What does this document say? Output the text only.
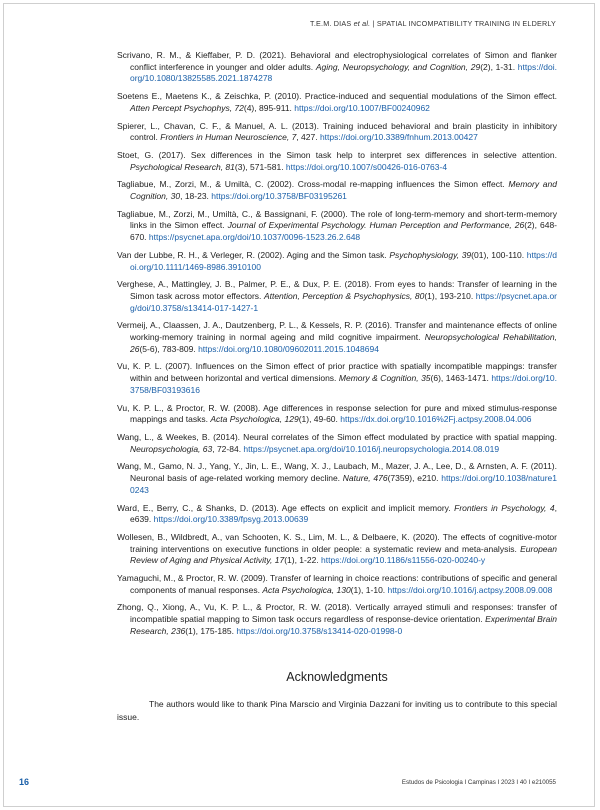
T.E.M. DIAS et al. | SPATIAL INCOMPATIBILITY TRAINING IN ELDERLY

Scrivano, R. M., & Kieffaber, P. D. (2021). Behavioral and electrophysiological correlates of Simon and flanker conflict interference in younger and older adults. Aging, Neuropsychology, and Cognition, 29(2), 1-31. https://doi.org/10.1080/13825585.2021.1874278

Soetens E., Maetens K., & Zeischka, P. (2010). Practice-induced and sequential modulations of the Simon effect. Atten Percept Psychophys, 72(4), 895-911. https://doi.org/10.1007/BF00240962

Spierer, L., Chavan, C. F., & Manuel, A. L. (2013). Training induced behavioral and brain plasticity in inhibitory control. Frontiers in Human Neuroscience, 7, 427. https://doi.org/10.3389/fnhum.2013.00427

Stoet, G. (2017). Sex differences in the Simon task help to interpret sex differences in selective attention. Psychological Research, 81(3), 571-581. https://doi.org/10.1007/s00426-016-0763-4

Tagliabue, M., Zorzi, M., & Umiltà, C. (2002). Cross-modal re-mapping influences the Simon effect. Memory and Cognition, 30, 18-23. https://doi.org/10.3758/BF03195261

Tagliabue, M., Zorzi, M., Umiltà, C., & Bassignani, F. (2000). The role of long-term-memory and short-term-memory links in the Simon effect. Journal of Experimental Psychology. Human Perception and Performance, 26(2), 648-670. https://psycnet.apa.org/doi/10.1037/0096-1523.26.2.648

Van der Lubbe, R. H., & Verleger, R. (2002). Aging and the Simon task. Psychophysiology, 39(01), 100-110. https://doi.org/10.1111/1469-8986.3910100

Verghese, A., Mattingley, J. B., Palmer, P. E., & Dux, P. E. (2018). From eyes to hands: Transfer of learning in the Simon task across motor effectors. Attention, Perception & Psychophysics, 80(1), 193-210. https://psycnet.apa.org/doi/10.3758/s13414-017-1427-1

Vermeij, A., Claassen, J. A., Dautzenberg, P. L., & Kessels, R. P. (2016). Transfer and maintenance effects of online working-memory training in normal ageing and mild cognitive impairment. Neuropsychological Rehabilitation, 26(5-6), 783-809. https://doi.org/10.1080/09602011.2015.1048694

Vu, K. P. L. (2007). Influences on the Simon effect of prior practice with spatially incompatible mappings: transfer within and between horizontal and vertical dimensions. Memory & Cognition, 35(6), 1463-1471. https://doi.org/10.3758/BF03193616

Vu, K. P. L., & Proctor, R. W. (2008). Age differences in response selection for pure and mixed stimulus-response mappings and tasks. Acta Psychologica, 129(1), 49-60. https://dx.doi.org/10.1016%2Fj.actpsy.2008.04.006

Wang, L., & Weekes, B. (2014). Neural correlates of the Simon effect modulated by practice with spatial mapping. Neuropsychologia, 63, 72-84. https://psycnet.apa.org/doi/10.1016/j.neuropsychologia.2014.08.019

Wang, M., Gamo, N. J., Yang, Y., Jin, L. E., Wang, X. J., Laubach, M., Mazer, J. A., Lee, D., & Arnsten, A. F. (2011). Neuronal basis of age-related working memory decline. Nature, 476(7359), e210. https://doi.org/10.1038/nature10243

Ward, E., Berry, C., & Shanks, D. (2013). Age effects on explicit and implicit memory. Frontiers in Psychology, 4, e639. https://doi.org/10.3389/fpsyg.2013.00639

Wollesen, B., Wildbredt, A., van Schooten, K. S., Lim, M. L., & Delbaere, K. (2020). The effects of cognitive-motor training interventions on executive functions in older people: a systematic review and meta-analysis. European Review of Aging and Physical Activity, 17(1), 1-22. https://doi.org/10.1186/s11556-020-00240-y

Yamaguchi, M., & Proctor, R. W. (2009). Transfer of learning in choice reactions: contributions of specific and general components of manual responses. Acta Psychologica, 130(1), 1-10. https://doi.org/10.1016/j.actpsy.2008.09.008

Zhong, Q., Xiong, A., Vu, K. P. L., & Proctor, R. W. (2018). Vertically arrayed stimuli and responses: transfer of incompatible spatial mapping to Simon task occurs regardless of response-device orientation. Experimental Brain Research, 236(1), 175-185. https://doi.org/10.3758/s13414-020-01998-0

Acknowledgments

The authors would like to thank Pina Marscio and Virginia Dazzani for inviting us to contribute to this special issue.

16	Estudos de Psicologia I Campinas I 2023 I 40 I e210055
